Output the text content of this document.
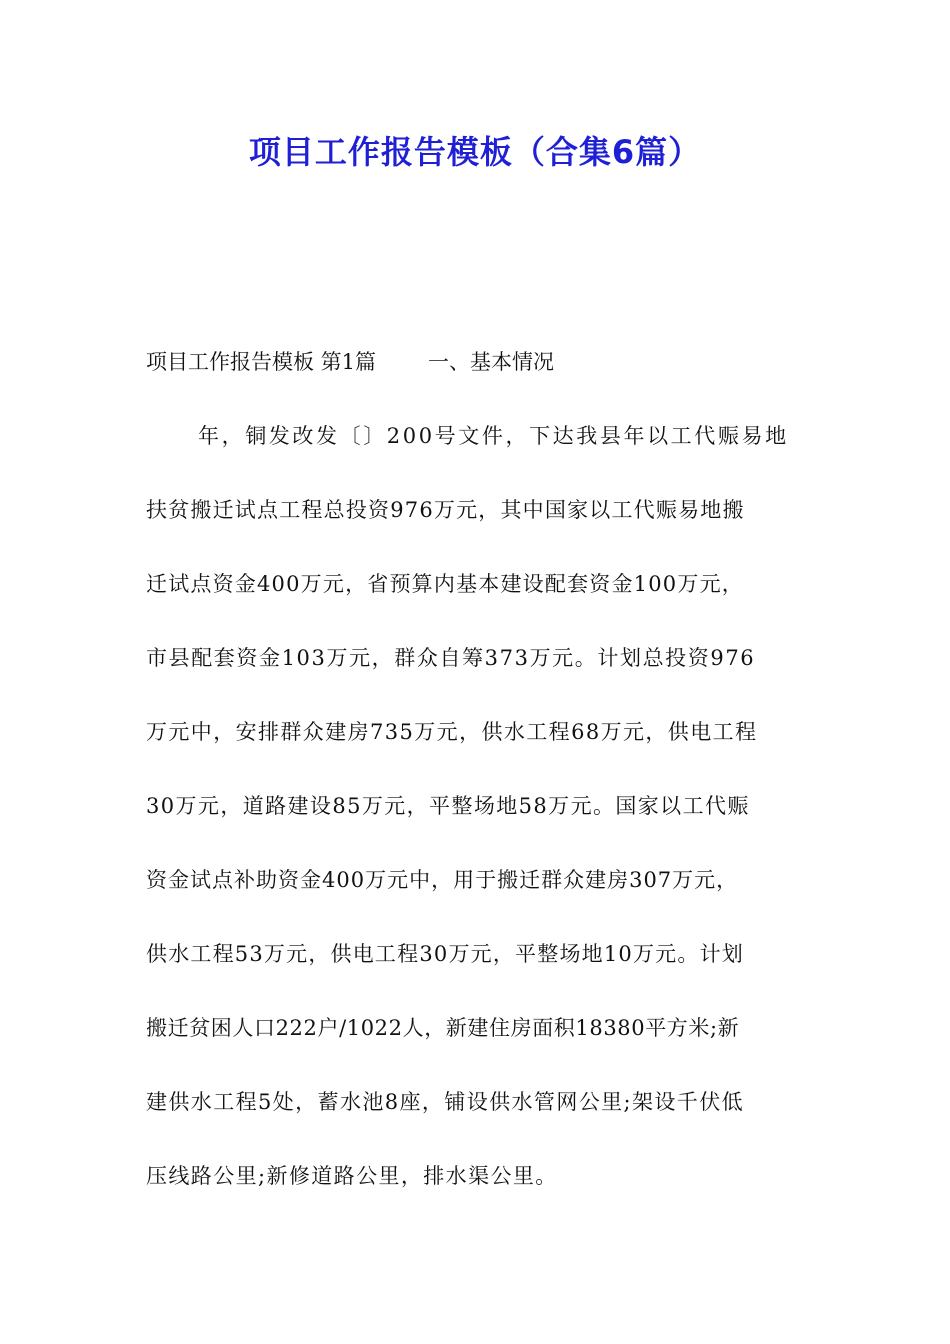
项目工作报告模板（合集6篇）
项目工作报告模板 第1篇 一、基本情况
年，铜发改发〔〕200号文件，下达我县年以工代赈易地
扶贫搬迁试点工程总投资976万元，其中国家以工代赈易地搬
迁试点资金400万元，省预算内基本建设配套资金100万元，
市县配套资金103万元，群众自筹373万元。计划总投资976
万元中，安排群众建房735万元，供水工程68万元，供电工程
30万元，道路建设85万元，平整场地58万元。国家以工代赈
资金试点补助资金400万元中，用于搬迁群众建房307万元，
供水工程53万元，供电工程30万元，平整场地10万元。计划
搬迁贫困人口222户/1022人，新建住房面积18380平方米;新
建供水工程5处，蓄水池8座，铺设供水管网公里;架设千伏低
压线路公里;新修道路公里，排水渠公里。
